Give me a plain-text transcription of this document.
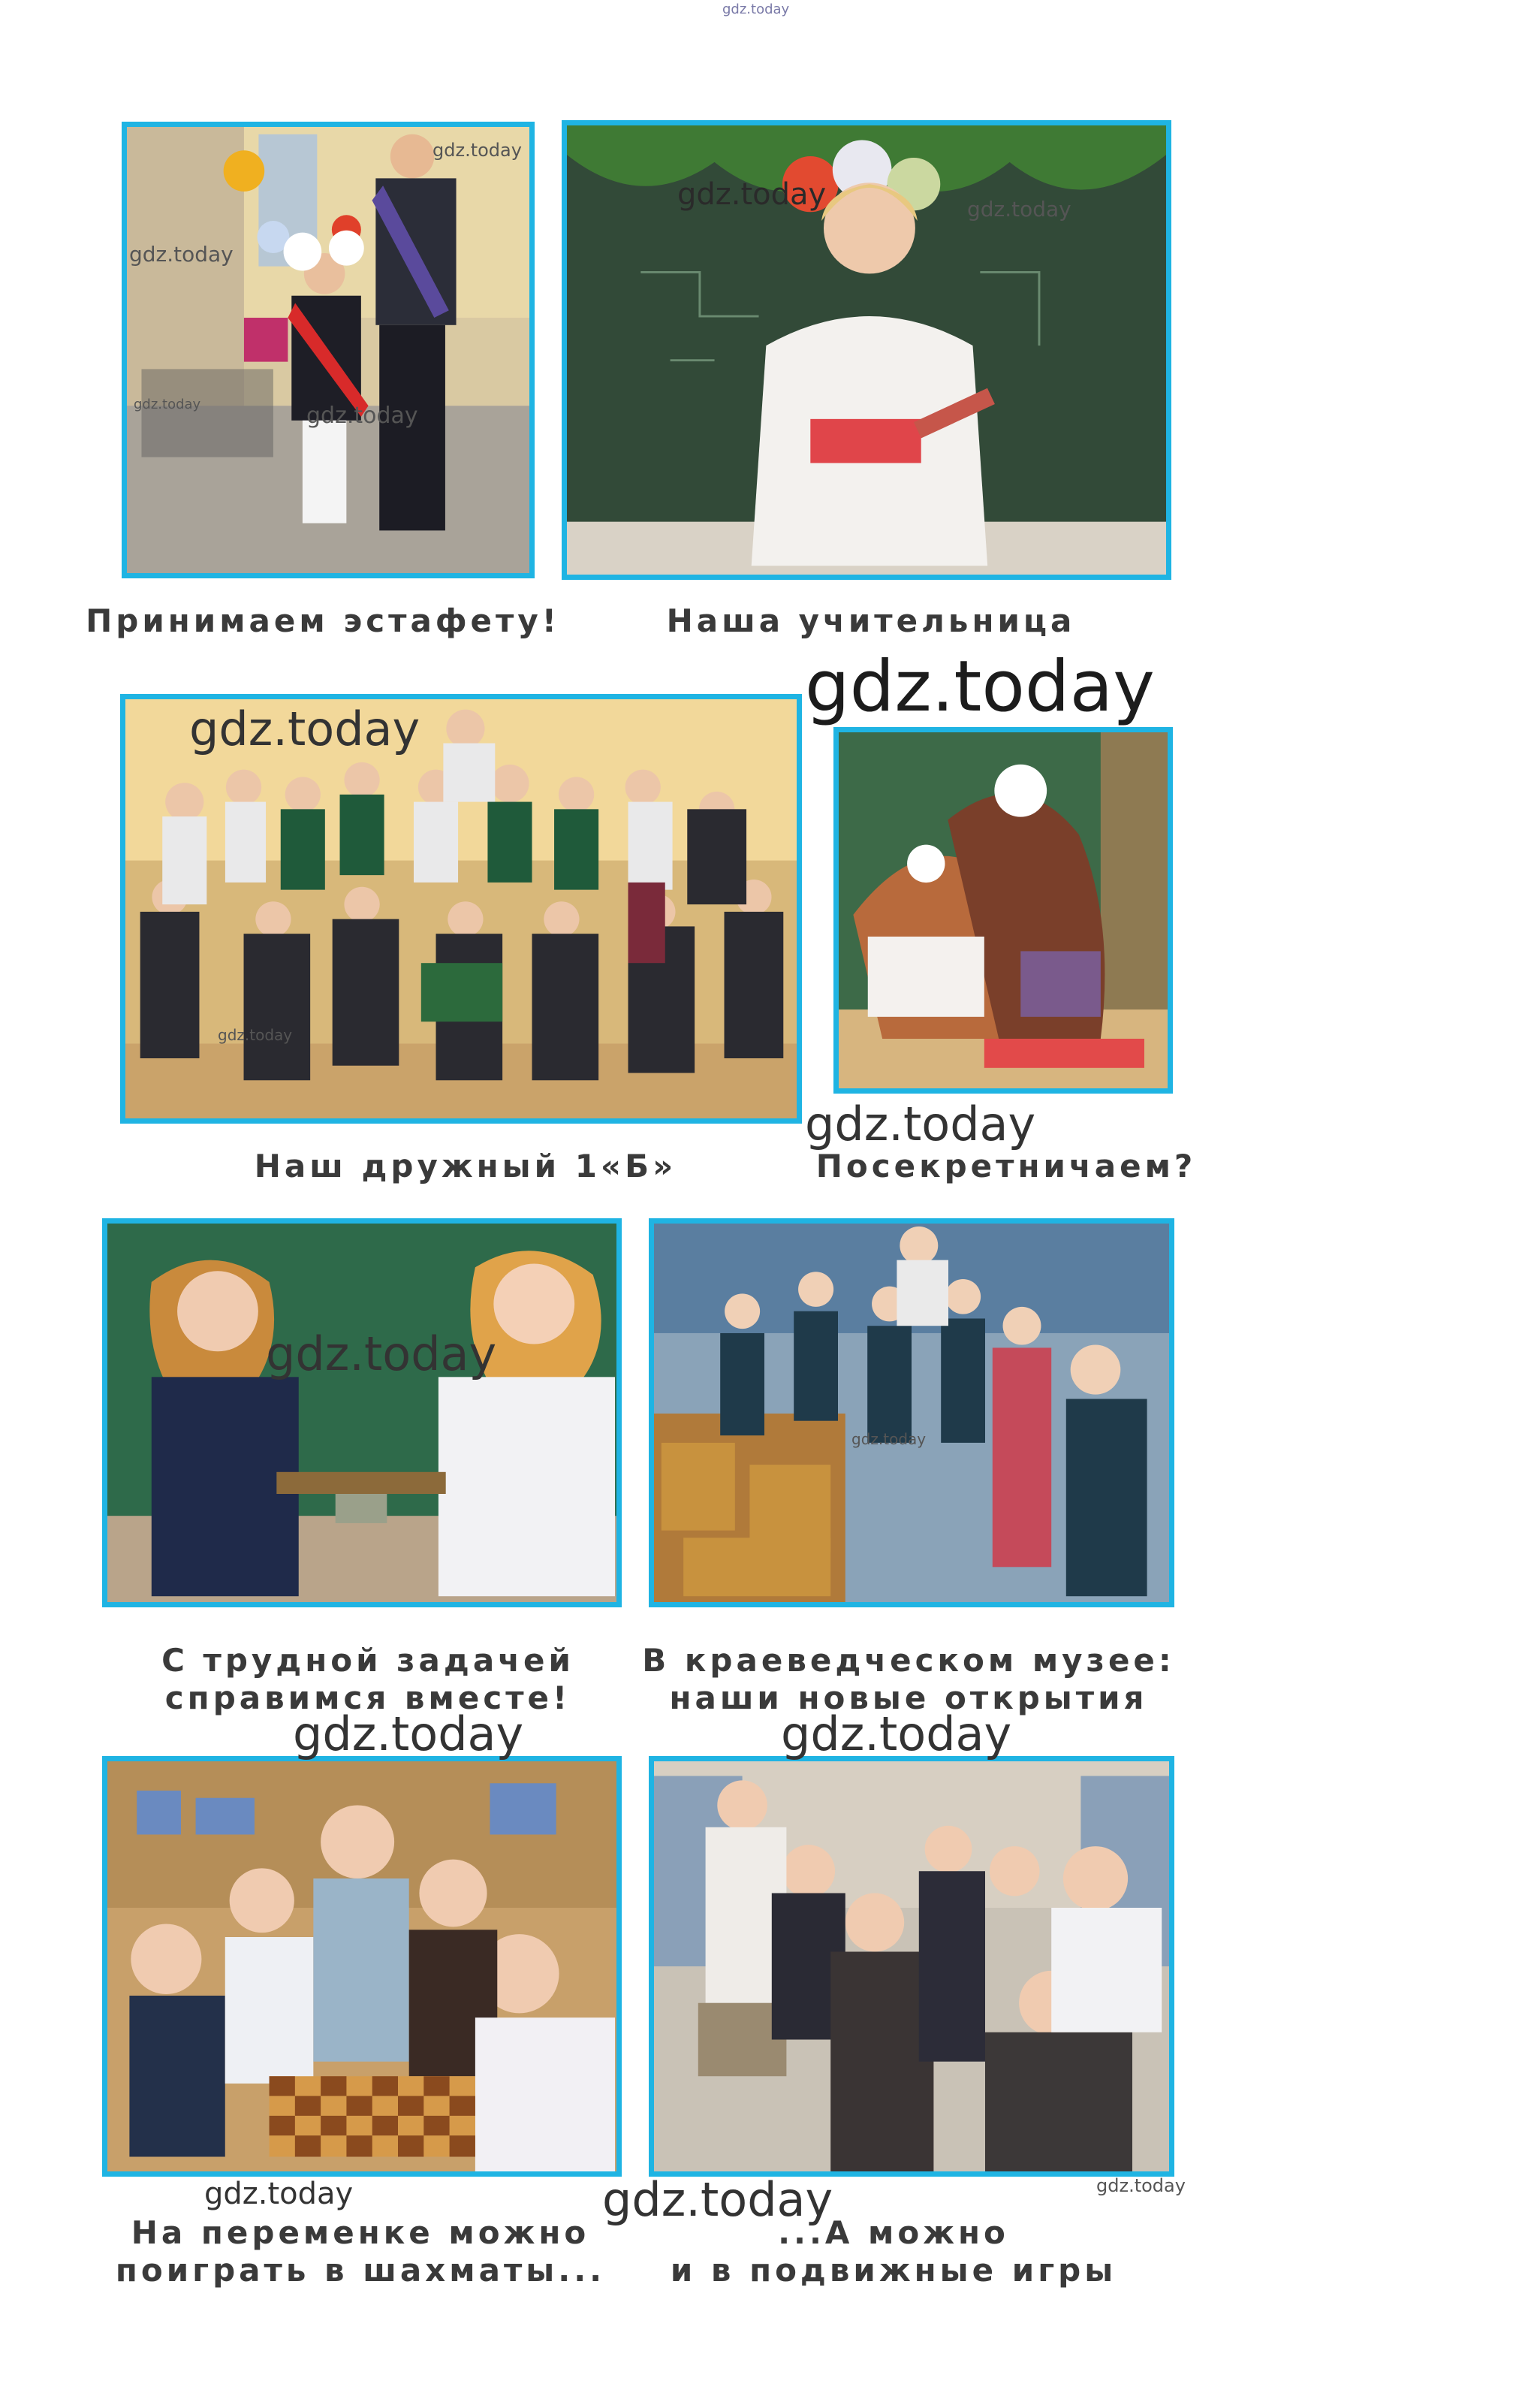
gdz.today
Принимаем эстафету!	Наша учительница
Наш дружный 1«Б»	Посекретничаем?
С трудной задачей
справимся вместе!
В краеведческом музее:
наши новые открытия
На переменке можно
поиграть в шахматы...
...А можно
и в подвижные игры
gdz.today
gdz.today
gdz.today	gdz.today
gdz.today	gdz.today
gdz.today
gdz.today
gdz.today
gdz.today
gdz.today
gdz.today
gdz.today	gdz.today
gdz.today	gdz.today	gdz.today
